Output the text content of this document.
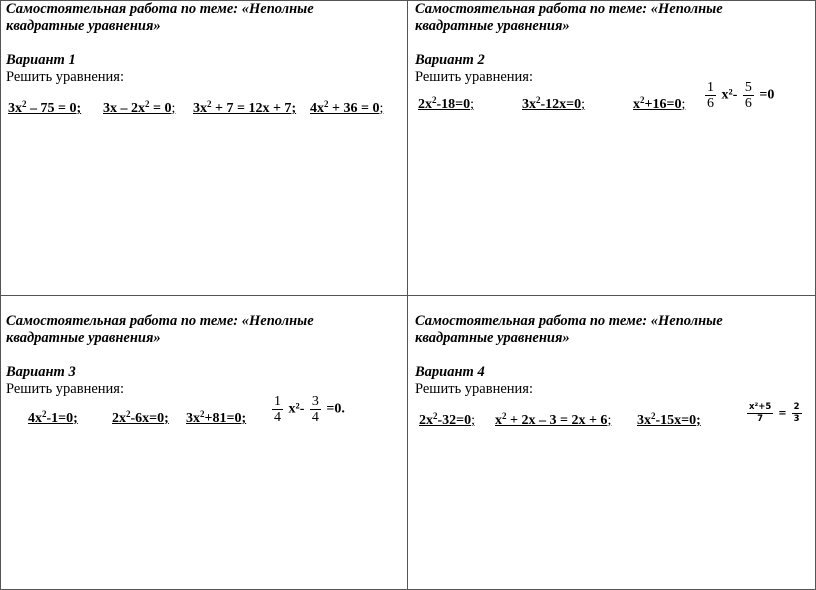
Самостоятельная работа по теме: «Неполные квадратные уравнения»
Вариант 1
Решить уравнения:
$3x^2 - 75 = 0$; $3x - 2x^2 = 0$; $3x^2 + 7 = 12x + 7$; $4x^2 + 36 = 0$;
Самостоятельная работа по теме: «Неполные квадратные уравнения»
Вариант 2
Решить уравнения:
$2x^2-18=0$;	$3x^2-12x=0$;	$x^2+16=0$; $\frac{1}{6} x^2- \frac{5}{6} =0$
Самостоятельная работа по теме: «Неполные квадратные уравнения»
Вариант 3
Решить уравнения:
$4x^2-1=0$; $2x^2-6x=0$; $3x^2+81=0$; $\frac{1}{4} x^2- \frac{3}{4} =0$.
Самостоятельная работа по теме: «Неполные квадратные уравнения»
Вариант 4
Решить уравнения:
$2x^2-32=0$; $x^2 + 2x - 3 = 2x + 6$; $3x^2-15x=0$;	$\frac{\text{x²+5}}{7} = \frac{2}{3}$
